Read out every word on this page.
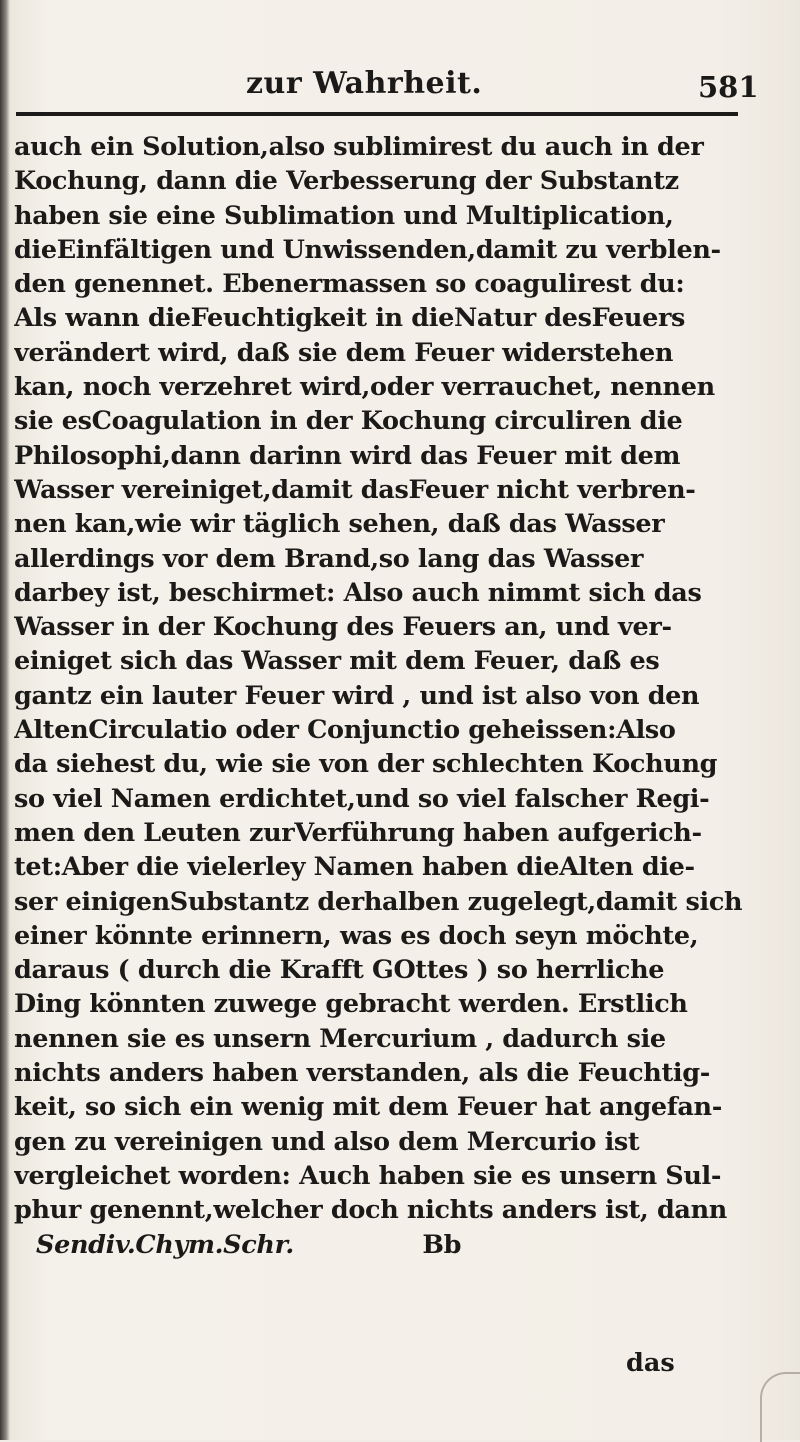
zur Wahrheit.	581
auch ein Solution,also sublimirest du auch in der
Kochung, dann die Verbesserung der Substantz
haben sie eine Sublimation und Multiplication,
dieEinfältigen und Unwissenden,damit zu verblen-
den genennet. Ebenermassen so coagulirest du:
Als wann dieFeuchtigkeit in dieNatur desFeuers
verändert wird, daß sie dem Feuer widerstehen
kan, noch verzehret wird,oder verrauchet, nennen
sie esCoagulation in der Kochung circuliren die
Philosophi,dann darinn wird das Feuer mit dem
Wasser vereiniget,damit dasFeuer nicht verbren-
nen kan,wie wir täglich sehen, daß das Wasser
allerdings vor dem Brand,so lang das Wasser
darbey ist, beschirmet: Also auch nimmt sich das
Wasser in der Kochung des Feuers an, und ver-
einiget sich das Wasser mit dem Feuer, daß es
gantz ein lauter Feuer wird , und ist also von den
AltenCirculatio oder Conjunctio geheissen:Also
da siehest du, wie sie von der schlechten Kochung
so viel Namen erdichtet,und so viel falscher Regi-
men den Leuten zurVerführung haben aufgerich-
tet:Aber die vielerley Namen haben dieAlten die-
ser einigenSubstantz derhalben zugelegt,damit sich
einer könnte erinnern, was es doch seyn möchte,
daraus ( durch die Krafft GOttes ) so herrliche
Ding könnten zuwege gebracht werden. Erstlich
nennen sie es unsern Mercurium , dadurch sie
nichts anders haben verstanden, als die Feuchtig-
keit, so sich ein wenig mit dem Feuer hat angefan-
gen zu vereinigen und also dem Mercurio ist
vergleichet worden: Auch haben sie es unsern Sul-
phur genennt,welcher doch nichts anders ist, dann
Sendiv.Chym.Schr.	Bb
das
